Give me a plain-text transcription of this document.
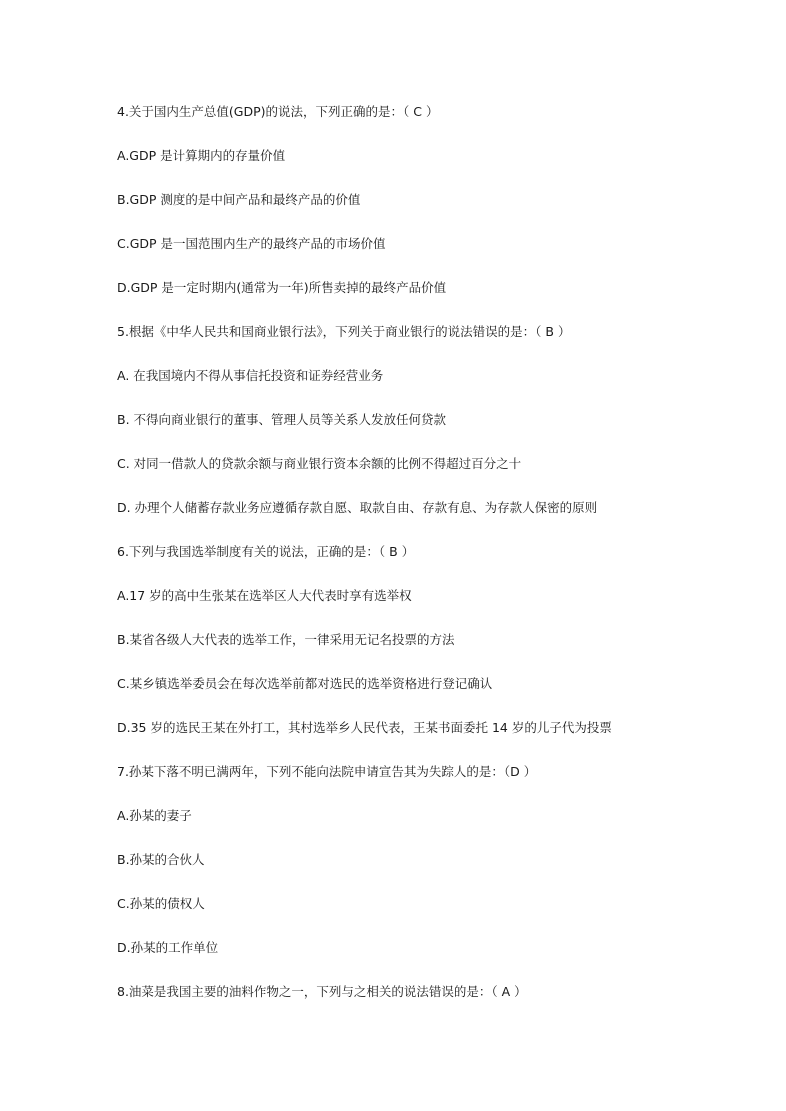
4.关于国内生产总值(GDP)的说法，下列正确的是：（ C ）
A.GDP 是计算期内的存量价值
B.GDP 测度的是中间产品和最终产品的价值
C.GDP 是一国范围内生产的最终产品的市场价值
D.GDP 是一定时期内(通常为一年)所售卖掉的最终产品价值
5.根据《中华人民共和国商业银行法》，下列关于商业银行的说法错误的是：（ B ）
A. 在我国境内不得从事信托投资和证券经营业务
B. 不得向商业银行的董事、管理人员等关系人发放任何贷款
C. 对同一借款人的贷款余额与商业银行资本余额的比例不得超过百分之十
D. 办理个人储蓄存款业务应遵循存款自愿、取款自由、存款有息、为存款人保密的原则
6.下列与我国选举制度有关的说法，正确的是：（ B ）
A.17 岁的高中生张某在选举区人大代表时享有选举权
B.某省各级人大代表的选举工作，一律采用无记名投票的方法
C.某乡镇选举委员会在每次选举前都对选民的选举资格进行登记确认
D.35 岁的选民王某在外打工，其村选举乡人民代表，王某书面委托 14 岁的儿子代为投票
7.孙某下落不明已满两年，下列不能向法院申请宣告其为失踪人的是：（D ）
A.孙某的妻子
B.孙某的合伙人
C.孙某的债权人
D.孙某的工作单位
8.油菜是我国主要的油料作物之一，下列与之相关的说法错误的是：（ A ）
